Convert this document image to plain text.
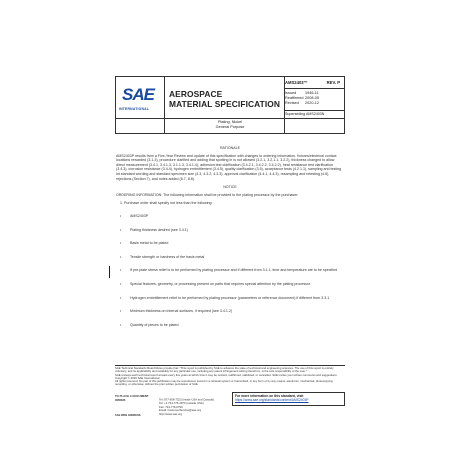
SAE
INTERNATIONAL
AEROSPACE
MATERIAL SPECIFICATION
AMS2403™	REV. P
Issued 1946-11
Reaffirmed2008-05
Revised 2020-12
Superseding AMS2403N
Plating, Nickel
General Purpose
RATIONALE
AMS2403P results from a Five-Year Review and update of this specification with changes to ordering information, fixtures/electrical contact locations rewarded (3.1.3), procedure clarified and adding that spotting in is not allowed (3.2.1, 3.2.1.1, 3.2.2), thickness changed to allow direct measurement (3.4.1, 3.4.1.3, 3.1.1.3, 3.4.1.4), adhesion test clarification (3.4.2.1, 3.4.2.2, 3.4.2.2), heat resistance test clarification (3.4.3), corrosion resistance (3.4.4), hydrogen embrittlement (3.4.5), quality clarification (3.5), acceptance tests (4.2.1.1), sampling and testing lot standard wording and standard specimen size (4.3, 4.3.2, 4.3.3), approval clarification (4.4.1, 4.4.3), resampling and retesting (4.6), rejections (Section 7), and notes added (8.7, 8.8).
NOTICE
ORDERING INFORMATION: The following information shall be provided to the plating processor by the purchaser:
1. Purchase order shall specify not less than the following:
• AMS2403P
• Plating thickness desired (see 3.4.1)
• Basis metal to be plated
• Tensile strength or hardness of the basis metal
• If pre-plate stress relief is to be performed by plating processor and if different from 3.1.1, time and temperature are to be specified
• Special features, geometry, or processing present on parts that requires special attention by the plating processor
• Hydrogen embrittlement relief to be performed by plating processor (parameters or reference document) if different from 3.3.1
• Minimum thickness on internal surfaces, if required (see 3.4.1.2)
• Quantity of pieces to be plated
SAE Technical Standards Board Rules provide that: "This report is published by SAE to advance the state of technical and engineering sciences. The use of this report is entirely voluntary, and its applicability and suitability for any particular use, including any patent infringement arising therefrom, is the sole responsibility of the user."
SAE reviews each technical report at least every five years at which time it may be revised, reaffirmed, stabilized, or cancelled. SAE invites your written comments and suggestions.
Copyright © 2020 SAE International
All rights reserved. No part of this publication may be reproduced, stored in a retrieval system or transmitted, in any form or by any means, electronic, mechanical, photocopying, recording, or otherwise, without the prior written permission of SAE.
TO PLACE A DOCUMENT ORDER:	Tel: 877-606-7323 (inside USA and Canada)
Tel: +1 724-776-4970 (outside USA)
Fax: 724-776-0790
Email: CustomerService@sae.org
http://www.sae.org
For more information on this standard, visit
https://www.sae.org/standards/content/AMS2403P
SAE WEB ADDRESS:
